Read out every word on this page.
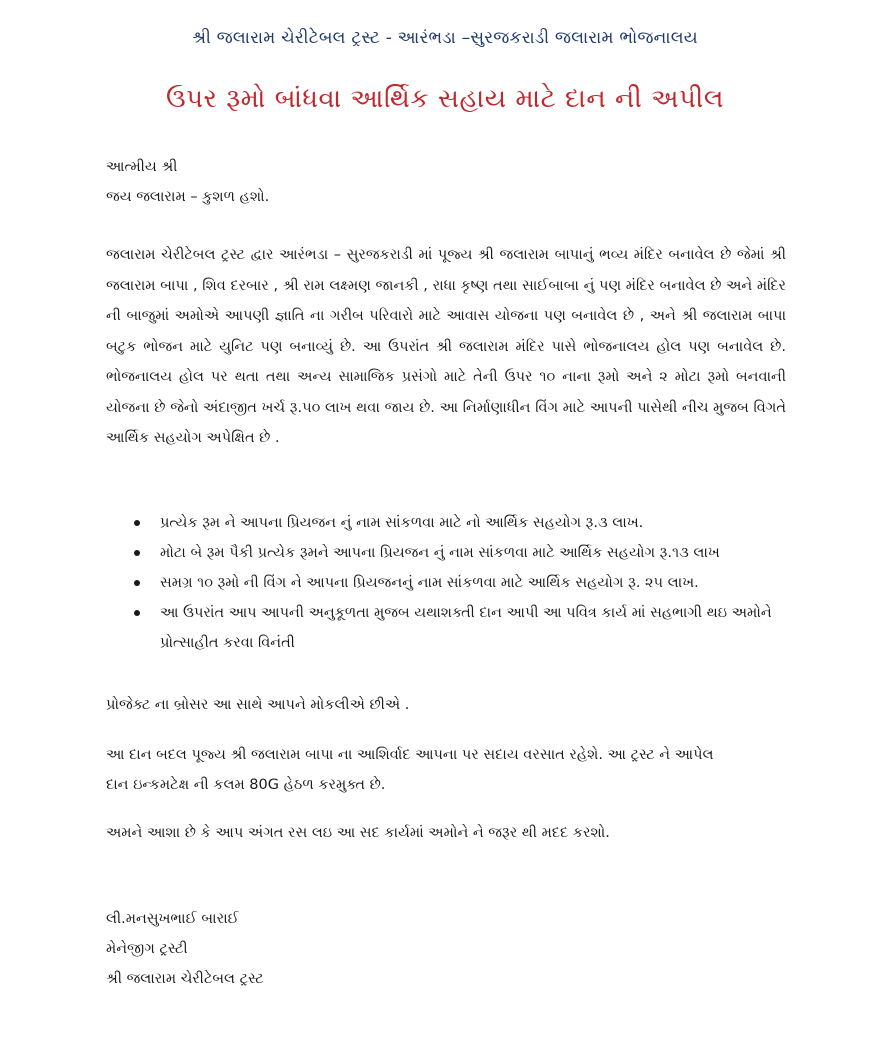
શ્રી જલારામ ચેરીટેબલ ટ્રસ્ટ - આરંભડા –સુરજકરાડી જલારામ ભોજનાલય
ઉપર રૂમો બાંધવા આર્થિક સહાય માટે દાન ની અપીલ
આત્મીય શ્રી
જય જલારામ – કુશળ હશો.
જલારામ ચેરીટેબલ ટ્રસ્ટ દ્વાર આરંભડા – સુરજકરાડી માં પૂજ્ય શ્રી જલારામ બાપાનું ભવ્ય મંદિર બનાવેલ છે જેમાં શ્રી જલારામ બાપા , શિવ દરબાર , શ્રી રામ લક્ષ્મણ જાનકી , રાધા કૃષ્ણ તથા સાઈબાબા નું પણ મંદિર બનાવેલ છે અને મંદિર ની બાજુમાં અમોએ આપણી જ્ઞાતિ ના ગરીબ પરિવારો માટે આવાસ યોજના પણ બનાવેલ છે , અને શ્રી જલારામ બાપા બટુક ભોજન માટે યુનિટ પણ બનાવ્યું છે. આ ઉપરાંત શ્રી જલારામ મંદિર પાસે ભોજનાલય હોલ પણ બનાવેલ છે. ભોજનાલય હોલ પર થતા તથા અન્ય સામાજિક પ્રસંગો માટે તેની ઉપર ૧૦ નાના રૂમો અને ૨ મોટા રૂમો બનવાની યોજના છે જેનો અંદાજીત ખર્ચ રૂ.૫૦ લાખ થવા જાય છે. આ નિર્માણાધીન વિંગ માટે આપની પાસેથી નીચ મુજબ વિગતે આર્થિક સહયોગ અપેક્ષિત છે .
પ્રત્યેક રૂમ ને આપના પ્રિયજન નું નામ સાંકળવા માટે નો આર્થિક સહયોગ રૂ.૩ લાખ.
મોટા બે રૂમ પૈકી પ્રત્યેક રૂમને આપના પ્રિયજન નું નામ સાંકળવા માટે આર્થિક સહયોગ રૂ.૧૩ લાખ
સમગ્ર ૧૦ રૂમો ની વિંગ ને આપના પ્રિયજનનું નામ સાંકળવા માટે આર્થિક સહયોગ રૂ. ૨૫ લાખ.
આ ઉપરાંત આપ આપની અનુકૂળતા મુજબ યથાશક્તી દાન આપી આ પવિત્ર કાર્ય માં સહભાગી થઇ અમોને પ્રોત્સાહીત કરવા વિનંતી
પ્રોજેક્ટ ના બ્રોસર આ સાથે આપને મોકલીએ છીએ .
આ દાન બદલ પૂજ્ય શ્રી જલારામ બાપા ના આશિર્વાદ આપના પર સદાય વરસાત રહેશે. આ ટ્રસ્ટ ને આપેલ
દાન ઇન્કમટેક્ષ ની કલમ 80G હેઠળ કરમુક્ત છે.
અમને આશા છે કે આપ અંગત રસ લઇ આ સદ કાર્યમાં અમોને ને જરૂર થી મદદ કરશો.
લી.મનસુખભાઈ બારાઈ
મેનેજીગ ટ્રસ્ટી
શ્રી જલારામ ચેરીટેબલ ટ્રસ્ટ
